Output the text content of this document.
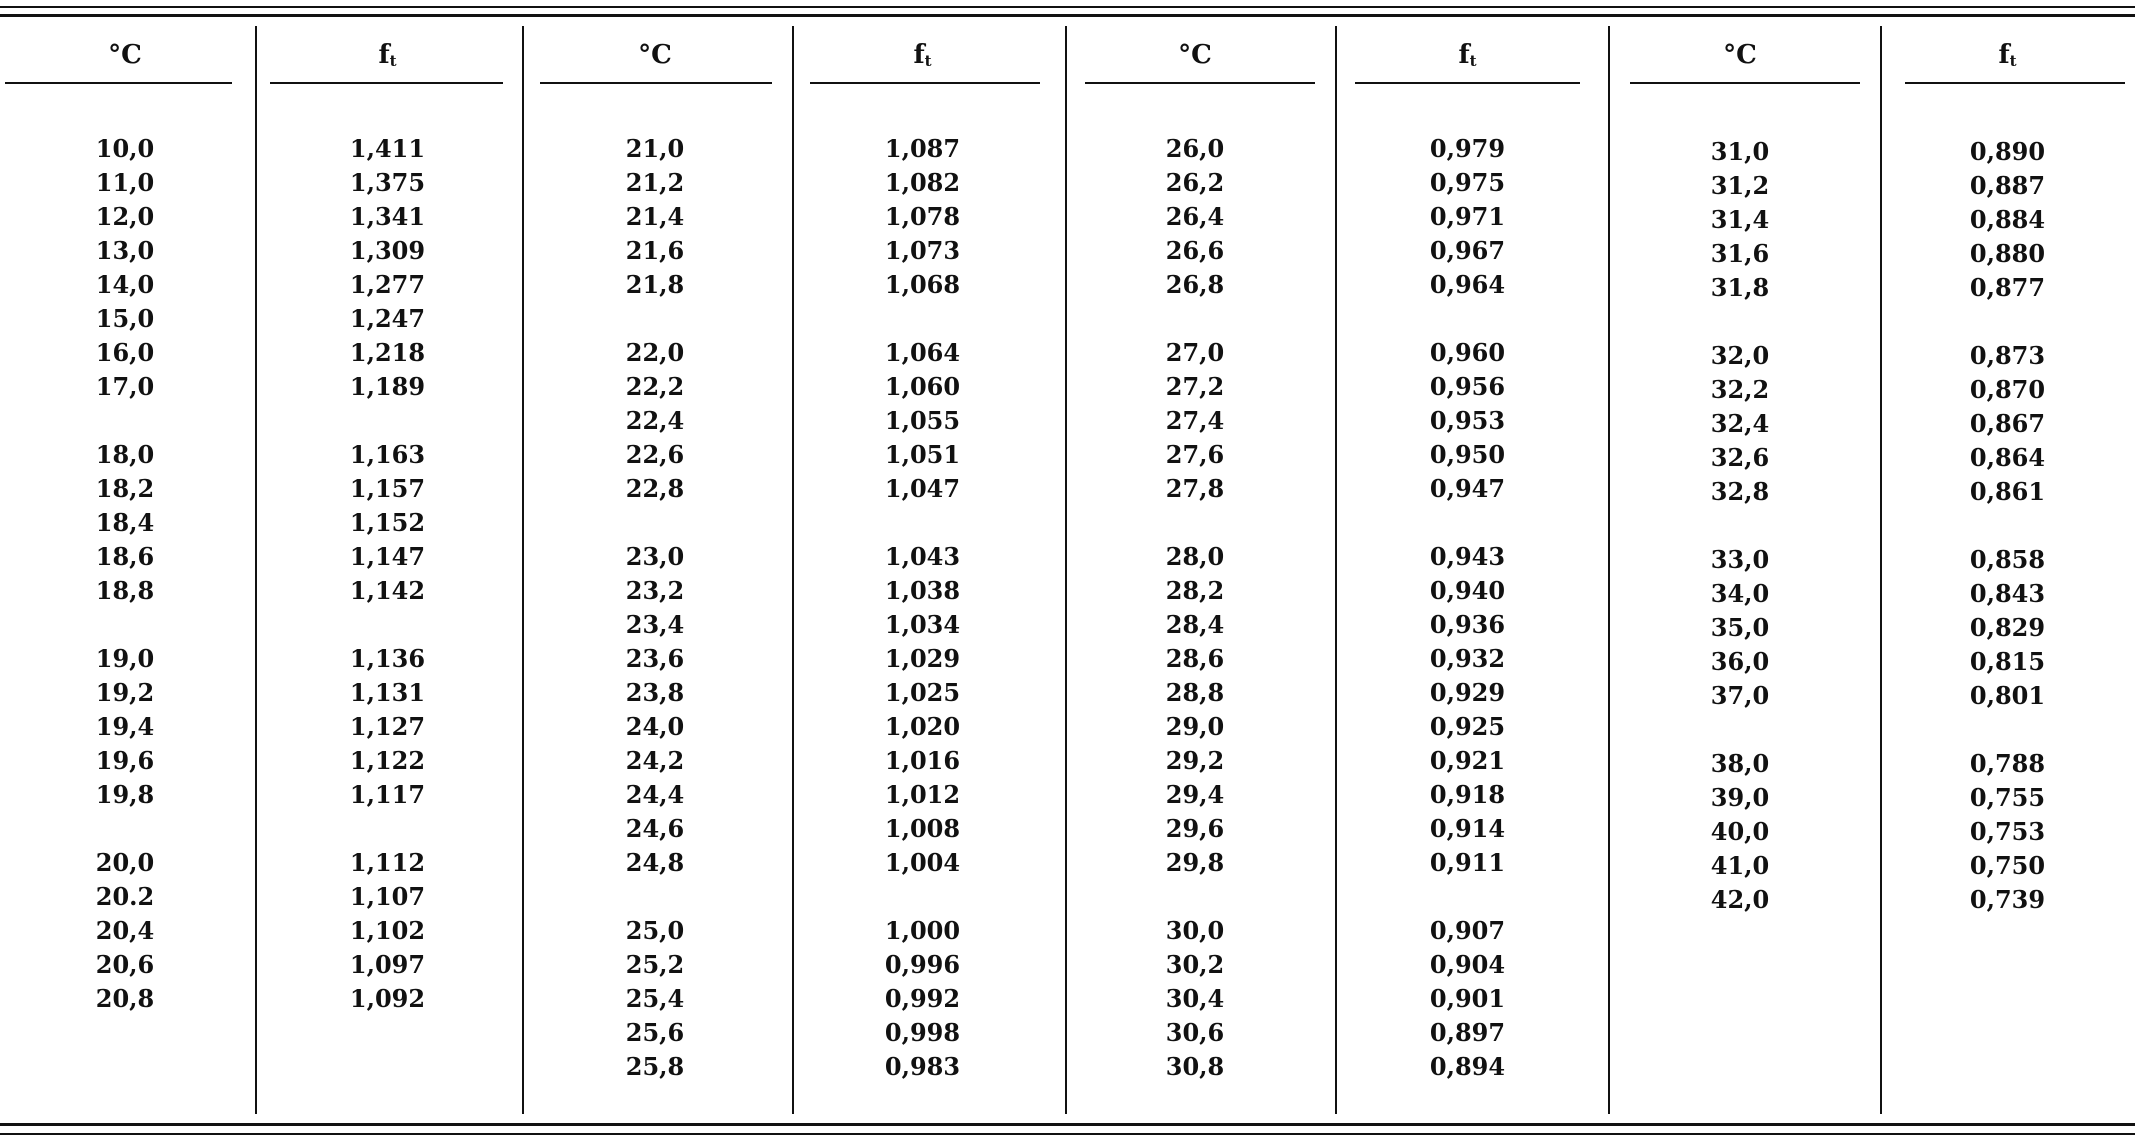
°C
10,0
11,0
12,0
13,0
14,0
15,0
16,0
17,0
18,0
18,2
18,4
18,6
18,8
19,0
19,2
19,4
19,6
19,8
20,0
20.2
20,4
20,6
20,8
$f_t$
1,411
1,375
1,341
1,309
1,277
1,247
1,218
1,189
1,163
1,157
1,152
1,147
1,142
1,136
1,131
1,127
1,122
1,117
1,112
1,107
1,102
1,097
1,092
°C
21,0
21,2
21,4
21,6
21,8
22,0
22,2
22,4
22,6
22,8
23,0
23,2
23,4
23,6
23,8
24,0
24,2
24,4
24,6
24,8
25,0
25,2
25,4
25,6
25,8
$f_t$
1,087
1,082
1,078
1,073
1,068
1,064
1,060
1,055
1,051
1,047
1,043
1,038
1,034
1,029
1,025
1,020
1,016
1,012
1,008
1,004
1,000
0,996
0,992
0,998
0,983
°C
26,0
26,2
26,4
26,6
26,8
27,0
27,2
27,4
27,6
27,8
28,0
28,2
28,4
28,6
28,8
29,0
29,2
29,4
29,6
29,8
30,0
30,2
30,4
30,6
30,8
$f_t$
0,979
0,975
0,971
0,967
0,964
0,960
0,956
0,953
0,950
0,947
0,943
0,940
0,936
0,932
0,929
0,925
0,921
0,918
0,914
0,911
0,907
0,904
0,901
0,897
0,894
°C
31,0
31,2
31,4
31,6
31,8
32,0
32,2
32,4
32,6
32,8
33,0
34,0
35,0
36,0
37,0
38,0
39,0
40,0
41,0
42,0
$f_t$
0,890
0,887
0,884
0,880
0,877
0,873
0,870
0,867
0,864
0,861
0,858
0,843
0,829
0,815
0,801
0,788
0,755
0,753
0,750
0,739
